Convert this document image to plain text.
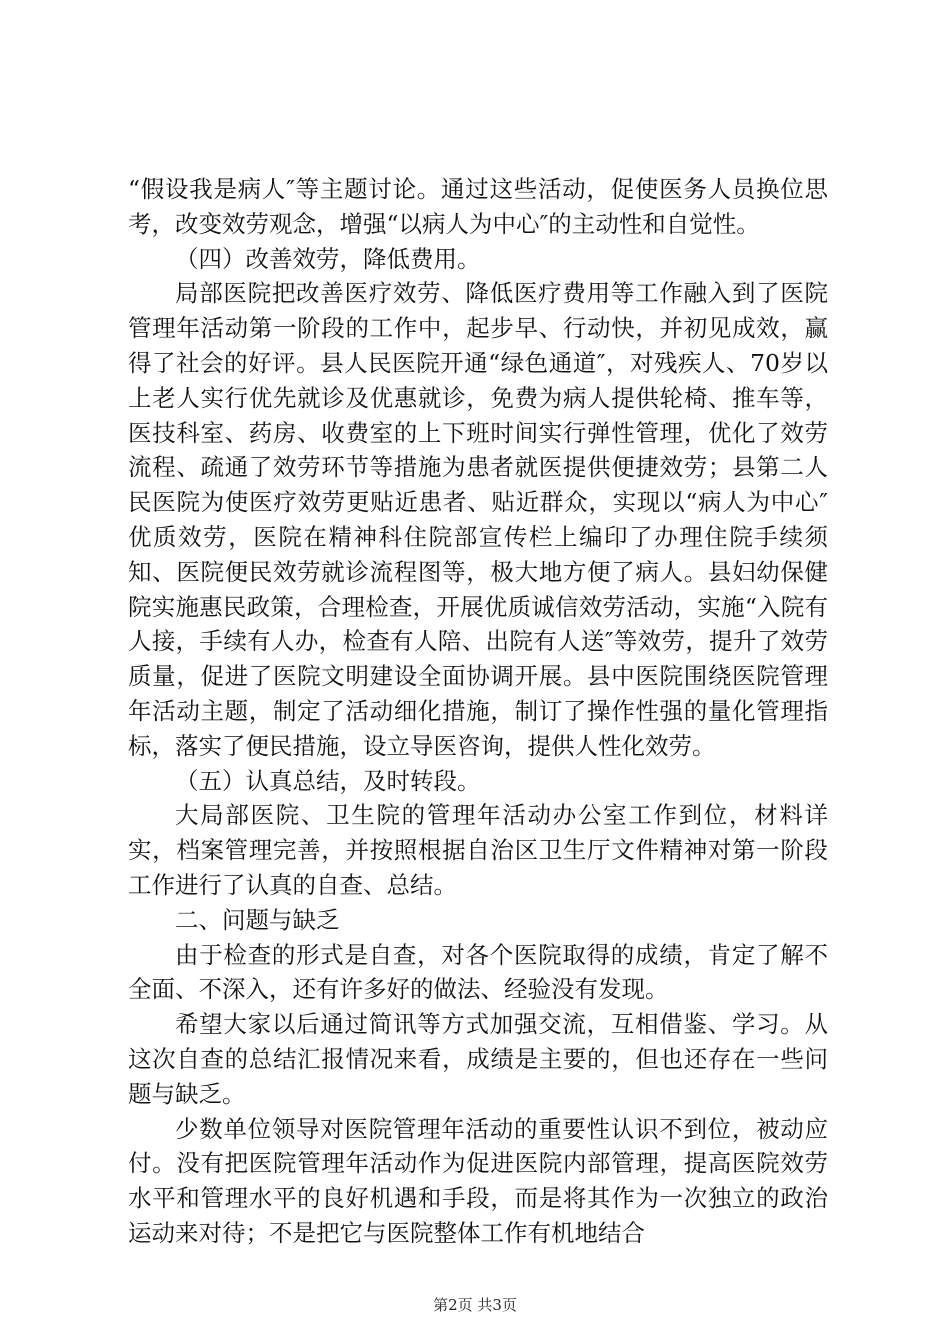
“假设我是病人″等主题讨论。通过这些活动，促使医务人员换位思考，改变效劳观念，增强“以病人为中心″的主动性和自觉性。

（四）改善效劳，降低费用。

局部医院把改善医疗效劳、降低医疗费用等工作融入到了医院管理年活动第一阶段的工作中，起步早、行动快，并初见成效，赢得了社会的好评。县人民医院开通“绿色通道″，对残疾人、70岁以上老人实行优先就诊及优惠就诊，免费为病人提供轮椅、推车等，医技科室、药房、收费室的上下班时间实行弹性管理，优化了效劳流程、疏通了效劳环节等措施为患者就医提供便捷效劳；县第二人民医院为使医疗效劳更贴近患者、贴近群众，实现以“病人为中心″优质效劳，医院在精神科住院部宣传栏上编印了办理住院手续须知、医院便民效劳就诊流程图等，极大地方便了病人。县妇幼保健院实施惠民政策，合理检查，开展优质诚信效劳活动，实施“入院有人接，手续有人办，检查有人陪、出院有人送″等效劳，提升了效劳质量，促进了医院文明建设全面协调开展。县中医院围绕医院管理年活动主题，制定了活动细化措施，制订了操作性强的量化管理指标，落实了便民措施，设立导医咨询，提供人性化效劳。

（五）认真总结，及时转段。

大局部医院、卫生院的管理年活动办公室工作到位，材料详实，档案管理完善，并按照根据自治区卫生厅文件精神对第一阶段工作进行了认真的自查、总结。

二、问题与缺乏

由于检查的形式是自查，对各个医院取得的成绩，肯定了解不全面、不深入，还有许多好的做法、经验没有发现。

希望大家以后通过简讯等方式加强交流，互相借鉴、学习。从这次自查的总结汇报情况来看，成绩是主要的，但也还存在一些问题与缺乏。

少数单位领导对医院管理年活动的重要性认识不到位，被动应付。没有把医院管理年活动作为促进医院内部管理，提高医院效劳水平和管理水平的良好机遇和手段，而是将其作为一次独立的政治运动来对待；不是把它与医院整体工作有机地结合

第2页 共3页
